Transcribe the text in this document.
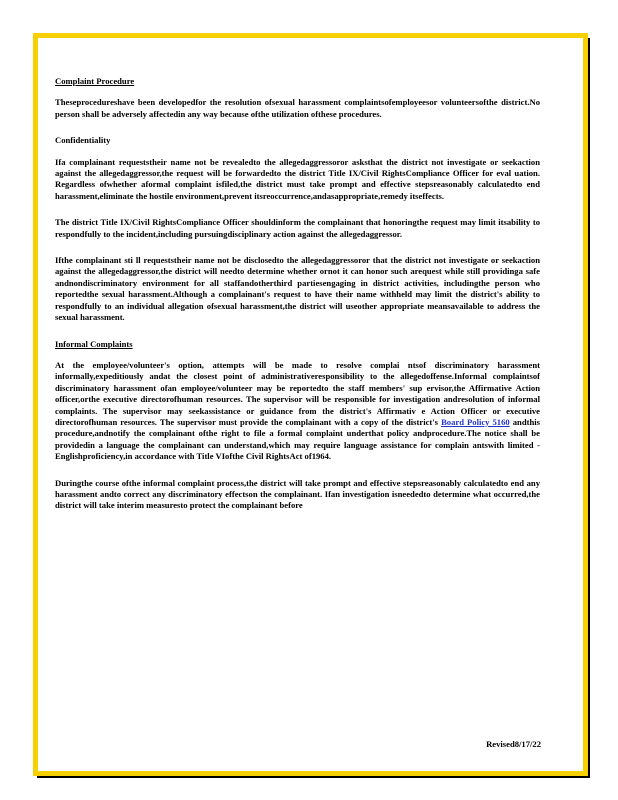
Complaint Procedure

Theseprocedureshave been developedfor the resolution ofsexual harassment complaintsofemployeesor volunteersofthe district.No person shall be adversely affectedin any way because ofthe utilization ofthese procedures.

Confidentiality

Ifa complainant requeststheir name not be revealedto the allegedaggressoror asksthat the district not investigate or seekaction against the allegedaggressor,the request will be forwardedto the district Title IX/Civil RightsCompliance Officer for eval uation. Regardless ofwhether aformal complaint isfiled,the district must take prompt and effective stepsreasonably calculatedto end harassment,eliminate the hostile environment,prevent itsreoccurrence,andasappropriate,remedy itseffects.

The district Title IX/Civil RightsCompliance Officer shouldinform the complainant that honoringthe request may limit itsability to respondfully to the incident,including pursuingdisciplinary action against the allegedaggressor.

Ifthe complainant sti ll requeststheir name not be disclosedto the allegedaggressoror that the district not investigate or seekaction against the allegedaggressor,the district will needto determine whether ornot it can honor such arequest while still providinga safe andnondiscriminatory environment for all staffandotherthird partiesengaging in district activities, includingthe person who reportedthe sexual harassment.Although a complainant's request to have their name withheld may limit the district's ability to respondfully to an individual allegation ofsexual harassment,the district will useother appropriate meansavailable to address the sexual harassment.

Informal Complaints

At the employee/volunteer's option, attempts will be made to resolve complai ntsof discriminatory harassment informally,expeditiously andat the closest point of administrativeresponsibility to the allegedoffense.Informal complaintsof discriminatory harassment ofan employee/volunteer may be reportedto the staff members' sup ervisor,the Affirmative Action officer,orthe executive directorofhuman resources. The supervisor will be responsible for investigation andresolution of informal complaints. The supervisor may seekassistance or guidance from the district's Affirmativ e Action Officer or executive directorofhuman resources. The supervisor must provide the complainant with a copy of the district's Board Policy 5160 andthis procedure,andnotify the complainant ofthe right to file a formal complaint underthat policy andprocedure.The notice shall be providedin a language the complainant can understand,which may require language assistance for complain antswith limited - Englishproficiency,in accordance with Title VIofthe Civil RightsAct of1964.

Duringthe course ofthe informal complaint process,the district will take prompt and effective stepsreasonably calculatedto end any harassment andto correct any discriminatory effectson the complainant. Ifan investigation isneededto determine what occurred,the district will take interim measuresto protect the complainant before

Revised8/17/22
